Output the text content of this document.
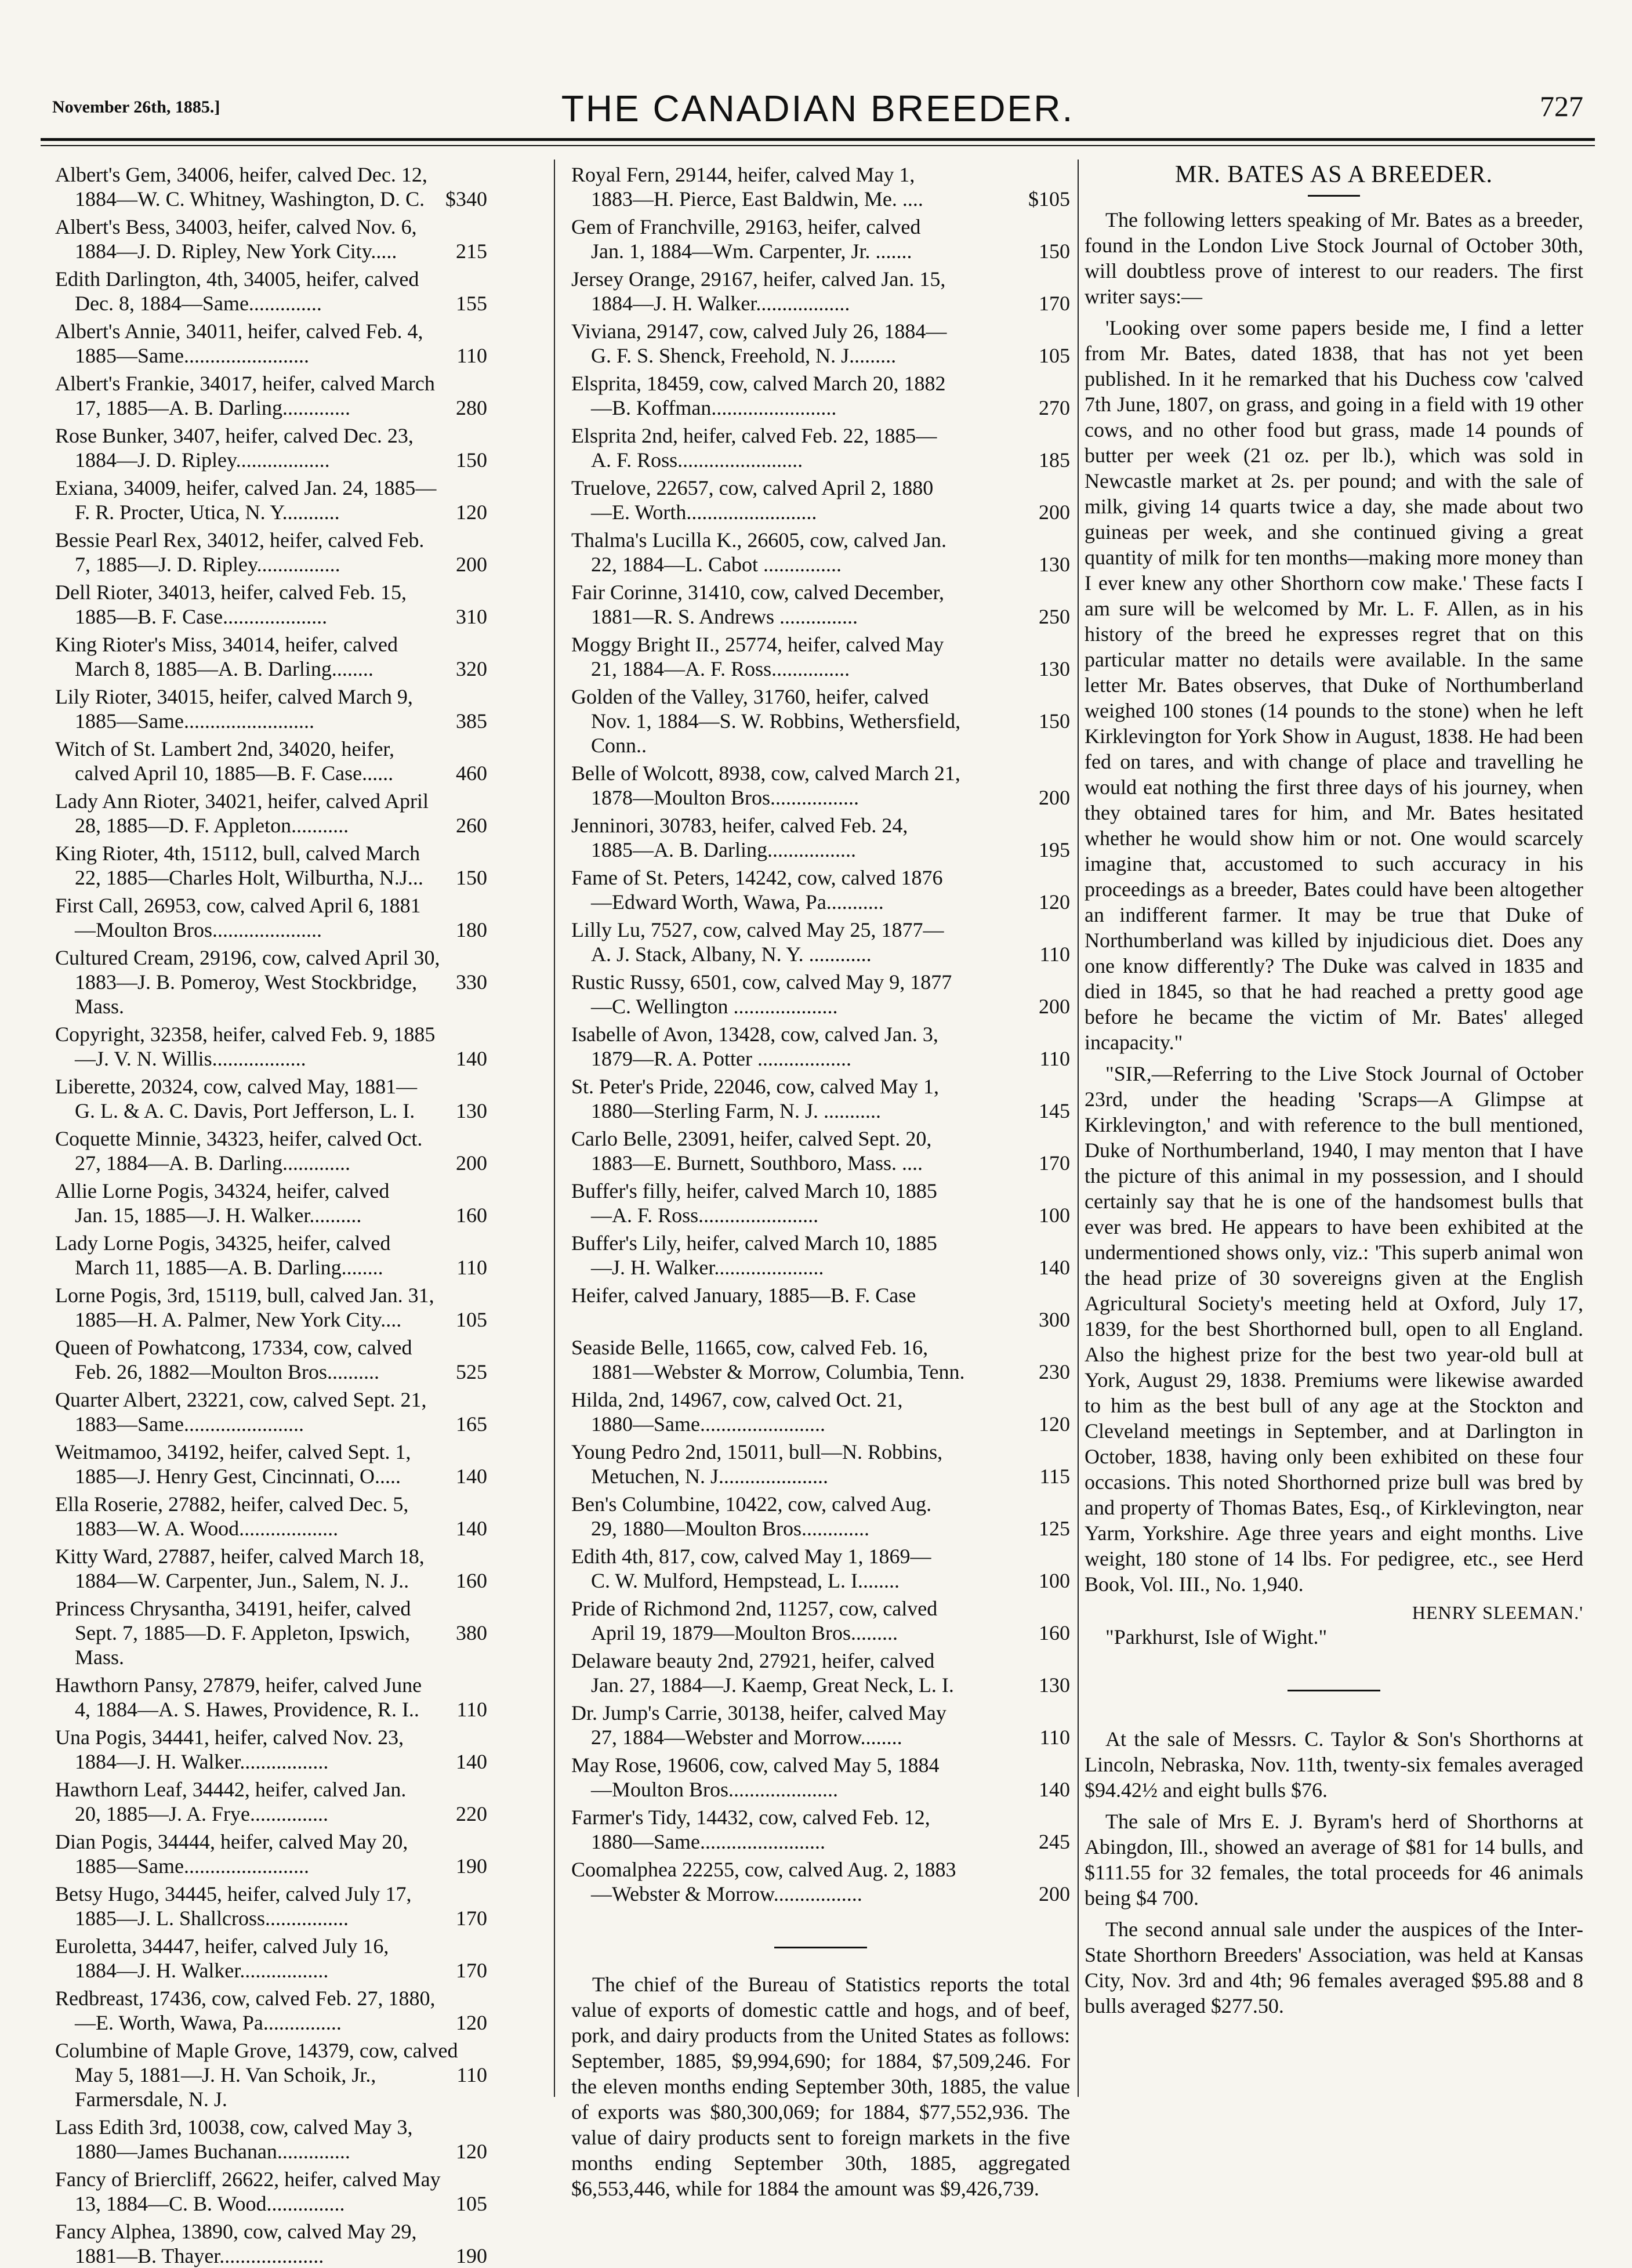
November 26th, 1885.]	THE CANADIAN BREEDER.	727
Albert's Gem, 34006, heifer, calved Dec. 12,
1884—W. C. Whitney, Washington, D. C. $340
Albert's Bess, 34003, heifer, calved Nov. 6,
1884—J. D. Ripley, New York City.....	215
Edith Darlington, 4th, 34005, heifer, calved
Dec. 8, 1884—Same..............	155
Albert's Annie, 34011, heifer, calved Feb. 4,
1885—Same........................	110
Albert's Frankie, 34017, heifer, calved March
17, 1885—A. B. Darling.............	280
Rose Bunker, 3407, heifer, calved Dec. 23,
1884—J. D. Ripley..................	150
Exiana, 34009, heifer, calved Jan. 24, 1885—
F. R. Procter, Utica, N. Y...........	120
Bessie Pearl Rex, 34012, heifer, calved Feb.
7, 1885—J. D. Ripley................	200
Dell Rioter, 34013, heifer, calved Feb. 15,
1885—B. F. Case....................	310
King Rioter's Miss, 34014, heifer, calved
March 8, 1885—A. B. Darling........	320
Lily Rioter, 34015, heifer, calved March 9,
1885—Same.........................	385
Witch of St. Lambert 2nd, 34020, heifer,
calved April 10, 1885—B. F. Case......	460
Lady Ann Rioter, 34021, heifer, calved April
28, 1885—D. F. Appleton...........	260
King Rioter, 4th, 15112, bull, calved March
22, 1885—Charles Holt, Wilburtha, N.J...	150
First Call, 26953, cow, calved April 6, 1881
—Moulton Bros.....................	180
Cultured Cream, 29196, cow, calved April 30,
1883—J. B. Pomeroy, West Stockbridge, Mass.
330
Copyright, 32358, heifer, calved Feb. 9, 1885
—J. V. N. Willis..................	140
Liberette, 20324, cow, calved May, 1881—
G. L. & A. C. Davis, Port Jefferson, L. I.	130
Coquette Minnie, 34323, heifer, calved Oct.
27, 1884—A. B. Darling.............	200
Allie Lorne Pogis, 34324, heifer, calved
Jan. 15, 1885—J. H. Walker..........	160
Lady Lorne Pogis, 34325, heifer, calved
March 11, 1885—A. B. Darling........	110
Lorne Pogis, 3rd, 15119, bull, calved Jan. 31,
1885—H. A. Palmer, New York City....	105
Queen of Powhatcong, 17334, cow, calved
Feb. 26, 1882—Moulton Bros..........	525
Quarter Albert, 23221, cow, calved Sept. 21,
1883—Same.......................	165
Weitmamoo, 34192, heifer, calved Sept. 1,
1885—J. Henry Gest, Cincinnati, O.....	140
Ella Roserie, 27882, heifer, calved Dec. 5,
1883—W. A. Wood...................	140
Kitty Ward, 27887, heifer, calved March 18,
1884—W. Carpenter, Jun., Salem, N. J..	160
Princess Chrysantha, 34191, heifer, calved
Sept. 7, 1885—D. F. Appleton, Ipswich, Mass.
380
Hawthorn Pansy, 27879, heifer, calved June
4, 1884—A. S. Hawes, Providence, R. I..	110
Una Pogis, 34441, heifer, calved Nov. 23,
1884—J. H. Walker.................	140
Hawthorn Leaf, 34442, heifer, calved Jan.
20, 1885—J. A. Frye...............	220
Dian Pogis, 34444, heifer, calved May 20,
1885—Same........................	190
Betsy Hugo, 34445, heifer, calved July 17,
1885—J. L. Shallcross................	170
Euroletta, 34447, heifer, calved July 16,
1884—J. H. Walker.................	170
Redbreast, 17436, cow, calved Feb. 27, 1880,
—E. Worth, Wawa, Pa...............	120
Columbine of Maple Grove, 14379, cow, calved
May 5, 1881—J. H. Van Schoik, Jr., Farmersdale, N. J.
110
Lass Edith 3rd, 10038, cow, calved May 3,
1880—James Buchanan..............	120
Fancy of Briercliff, 26622, heifer, calved May
13, 1884—C. B. Wood...............	105
Fancy Alphea, 13890, cow, calved May 29,
1881—B. Thayer....................	190
Royal Fern, 29144, heifer, calved May 1,
1883—H. Pierce, East Baldwin, Me. ....	$105
Gem of Franchville, 29163, heifer, calved
Jan. 1, 1884—Wm. Carpenter, Jr. .......	150
Jersey Orange, 29167, heifer, calved Jan. 15,
1884—J. H. Walker..................	170
Viviana, 29147, cow, calved July 26, 1884—
G. F. S. Shenck, Freehold, N. J.........	105
Elsprita, 18459, cow, calved March 20, 1882
—B. Koffman........................	270
Elsprita 2nd, heifer, calved Feb. 22, 1885—
A. F. Ross........................	185
Truelove, 22657, cow, calved April 2, 1880
—E. Worth.........................	200
Thalma's Lucilla K., 26605, cow, calved Jan.
22, 1884—L. Cabot ...............	130
Fair Corinne, 31410, cow, calved December,
1881—R. S. Andrews ...............	250
Moggy Bright II., 25774, heifer, calved May
21, 1884—A. F. Ross...............	130
Golden of the Valley, 31760, heifer, calved
Nov. 1, 1884—S. W. Robbins, Wethersfield, Conn..
150
Belle of Wolcott, 8938, cow, calved March 21,
1878—Moulton Bros.................	200
Jenninori, 30783, heifer, calved Feb. 24,
1885—A. B. Darling.................	195
Fame of St. Peters, 14242, cow, calved 1876
—Edward Worth, Wawa, Pa...........	120
Lilly Lu, 7527, cow, calved May 25, 1877—
A. J. Stack, Albany, N. Y. ............	110
Rustic Russy, 6501, cow, calved May 9, 1877
—C. Wellington ....................	200
Isabelle of Avon, 13428, cow, calved Jan. 3,
1879—R. A. Potter ..................	110
St. Peter's Pride, 22046, cow, calved May 1,
1880—Sterling Farm, N. J. ...........	145
Carlo Belle, 23091, heifer, calved Sept. 20,
1883—E. Burnett, Southboro, Mass. ....	170
Buffer's filly, heifer, calved March 10, 1885
—A. F. Ross.......................	100
Buffer's Lily, heifer, calved March 10, 1885
—J. H. Walker.....................	140
Heifer, calved January, 1885—B. F. Case
300
Seaside Belle, 11665, cow, calved Feb. 16,
1881—Webster & Morrow, Columbia, Tenn.	230
Hilda, 2nd, 14967, cow, calved Oct. 21,
1880—Same........................	120
Young Pedro 2nd, 15011, bull—N. Robbins,
Metuchen, N. J.....................	115
Ben's Columbine, 10422, cow, calved Aug.
29, 1880—Moulton Bros.............	125
Edith 4th, 817, cow, calved May 1, 1869—
C. W. Mulford, Hempstead, L. I........	100
Pride of Richmond 2nd, 11257, cow, calved
April 19, 1879—Moulton Bros.........	160
Delaware beauty 2nd, 27921, heifer, calved
Jan. 27, 1884—J. Kaemp, Great Neck, L. I.	130
Dr. Jump's Carrie, 30138, heifer, calved May
27, 1884—Webster and Morrow........	110
May Rose, 19606, cow, calved May 5, 1884
—Moulton Bros.....................	140
Farmer's Tidy, 14432, cow, calved Feb. 12,
1880—Same........................	245
Coomalphea 22255, cow, calved Aug. 2, 1883
—Webster & Morrow.................	200

The chief of the Bureau of Statistics reports the total value of exports of domestic cattle and hogs, and of beef, pork, and dairy products from the United States as follows: September, 1885, $9,994,690; for 1884, $7,509,246. For the eleven months ending September 30th, 1885, the value of exports was $80,300,069; for 1884, $77,552,936. The value of dairy products sent to foreign markets in the five months ending September 30th, 1885, aggregated $6,553,446, while for 1884 the amount was $9,426,739.

MR. BATES AS A BREEDER.

The following letters speaking of Mr. Bates as a breeder, found in the London Live Stock Journal of October 30th, will doubtless prove of interest to our readers. The first writer says:—

'Looking over some papers beside me, I find a letter from Mr. Bates, dated 1838, that has not yet been published. In it he remarked that his Duchess cow 'calved 7th June, 1807, on grass, and going in a field with 19 other cows, and no other food but grass, made 14 pounds of butter per week (21 oz. per lb.), which was sold in Newcastle market at 2s. per pound; and with the sale of milk, giving 14 quarts twice a day, she made about two guineas per week, and she continued giving a great quantity of milk for ten months—making more money than I ever knew any other Shorthorn cow make.' These facts I am sure will be welcomed by Mr. L. F. Allen, as in his history of the breed he expresses regret that on this particular matter no details were available. In the same letter Mr. Bates observes, that Duke of Northumberland weighed 100 stones (14 pounds to the stone) when he left Kirklevington for York Show in August, 1838. He had been fed on tares, and with change of place and travelling he would eat nothing the first three days of his journey, when they obtained tares for him, and Mr. Bates hesitated whether he would show him or not. One would scarcely imagine that, accustomed to such accuracy in his proceedings as a breeder, Bates could have been altogether an indifferent farmer. It may be true that Duke of Northumberland was killed by injudicious diet. Does any one know differently? The Duke was calved in 1835 and died in 1845, so that he had reached a pretty good age before he became the victim of Mr. Bates' alleged incapacity."

"SIR,—Referring to the Live Stock Journal of October 23rd, under the heading 'Scraps—A Glimpse at Kirklevington,' and with reference to the bull mentioned, Duke of Northumberland, 1940, I may menton that I have the picture of this animal in my possession, and I should certainly say that he is one of the handsomest bulls that ever was bred. He appears to have been exhibited at the undermentioned shows only, viz.: 'This superb animal won the head prize of 30 sovereigns given at the English Agricultural Society's meeting held at Oxford, July 17, 1839, for the best Shorthorned bull, open to all England. Also the highest prize for the best two year-old bull at York, August 29, 1838. Premiums were likewise awarded to him as the best bull of any age at the Stockton and Cleveland meetings in September, and at Darlington in October, 1838, having only been exhibited on these four occasions. This noted Shorthorned prize bull was bred by and property of Thomas Bates, Esq., of Kirklevington, near Yarm, Yorkshire. Age three years and eight months. Live weight, 180 stone of 14 lbs. For pedigree, etc., see Herd Book, Vol. III., No. 1,940.

HENRY SLEEMAN.'
"Parkhurst, Isle of Wight."

At the sale of Messrs. C. Taylor & Son's Shorthorns at Lincoln, Nebraska, Nov. 11th, twenty-six females averaged $94.42½ and eight bulls $76.

The sale of Mrs E. J. Byram's herd of Shorthorns at Abingdon, Ill., showed an average of $81 for 14 bulls, and $111.55 for 32 females, the total proceeds for 46 animals being $4 700.

The second annual sale under the auspices of the Inter-State Shorthorn Breeders' Association, was held at Kansas City, Nov. 3rd and 4th; 96 females averaged $95.88 and 8 bulls averaged $277.50.
